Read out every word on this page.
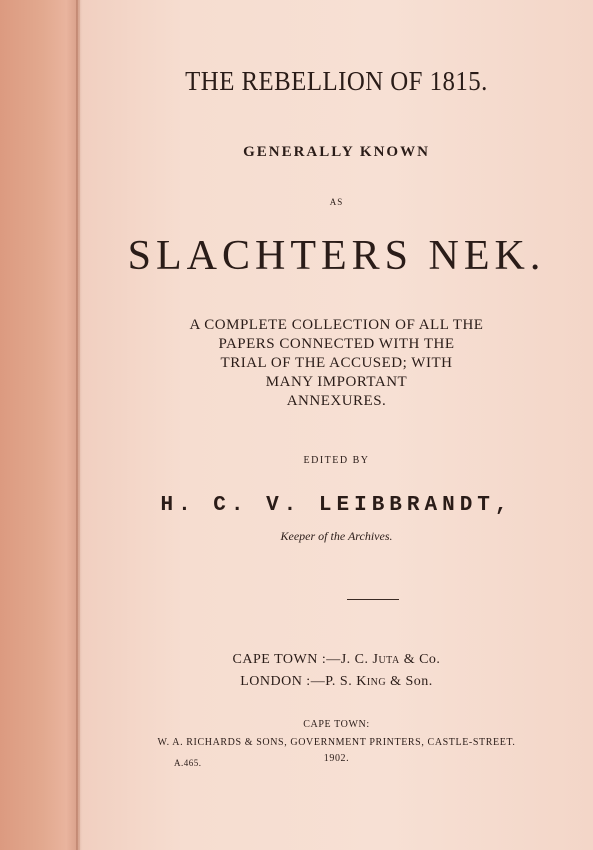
THE REBELLION OF 1815.
GENERALLY KNOWN
AS
SLACHTERS NEK.
A COMPLETE COLLECTION OF ALL THE
PAPERS CONNECTED WITH THE
TRIAL OF THE ACCUSED; WITH
MANY IMPORTANT
ANNEXURES.
EDITED BY
H. C. V. LEIBBRANDT,
Keeper of the Archives.
CAPE TOWN :—J. C. Juta & Co.
LONDON :—P. S. King & Son.
CAPE TOWN:
W. A. RICHARDS & SONS, GOVERNMENT PRINTERS, CASTLE-STREET.
1902.
A.465.
